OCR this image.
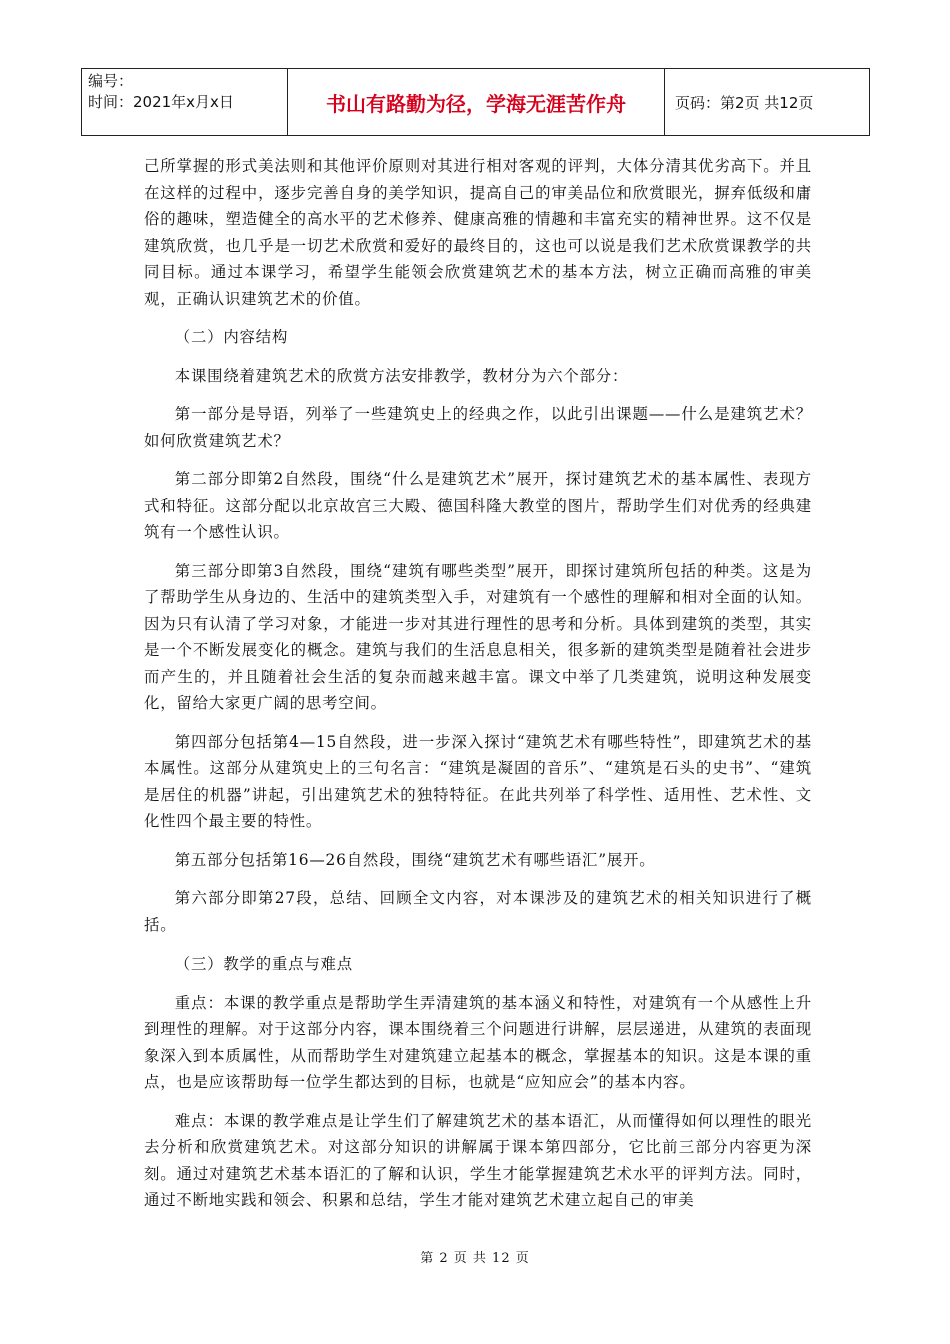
编号：
时间：2021年x月x日	书山有路勤为径，学海无涯苦作舟	页码：第2页 共12页

己所掌握的形式美法则和其他评价原则对其进行相对客观的评判，大体分清其优劣高下。并且在这样的过程中，逐步完善自身的美学知识，提高自己的审美品位和欣赏眼光，摒弃低级和庸俗的趣味，塑造健全的高水平的艺术修养、健康高雅的情趣和丰富充实的精神世界。这不仅是建筑欣赏，也几乎是一切艺术欣赏和爱好的最终目的，这也可以说是我们艺术欣赏课教学的共同目标。通过本课学习，希望学生能领会欣赏建筑艺术的基本方法，树立正确而高雅的审美观，正确认识建筑艺术的价值。

（二）内容结构

本课围绕着建筑艺术的欣赏方法安排教学，教材分为六个部分：

第一部分是导语，列举了一些建筑史上的经典之作，以此引出课题——什么是建筑艺术？如何欣赏建筑艺术？

第二部分即第2自然段，围绕“什么是建筑艺术”展开，探讨建筑艺术的基本属性、表现方式和特征。这部分配以北京故宫三大殿、德国科隆大教堂的图片，帮助学生们对优秀的经典建筑有一个感性认识。

第三部分即第3自然段，围绕“建筑有哪些类型”展开，即探讨建筑所包括的种类。这是为了帮助学生从身边的、生活中的建筑类型入手，对建筑有一个感性的理解和相对全面的认知。因为只有认清了学习对象，才能进一步对其进行理性的思考和分析。具体到建筑的类型，其实是一个不断发展变化的概念。建筑与我们的生活息息相关，很多新的建筑类型是随着社会进步而产生的，并且随着社会生活的复杂而越来越丰富。课文中举了几类建筑，说明这种发展变化，留给大家更广阔的思考空间。

第四部分包括第4—15自然段，进一步深入探讨“建筑艺术有哪些特性”，即建筑艺术的基本属性。这部分从建筑史上的三句名言：“建筑是凝固的音乐”、“建筑是石头的史书”、“建筑是居住的机器”讲起，引出建筑艺术的独特特征。在此共列举了科学性、适用性、艺术性、文化性四个最主要的特性。

第五部分包括第16—26自然段，围绕“建筑艺术有哪些语汇”展开。

第六部分即第27段，总结、回顾全文内容，对本课涉及的建筑艺术的相关知识进行了概括。

（三）教学的重点与难点

重点：本课的教学重点是帮助学生弄清建筑的基本涵义和特性，对建筑有一个从感性上升到理性的理解。对于这部分内容，课本围绕着三个问题进行讲解，层层递进，从建筑的表面现象深入到本质属性，从而帮助学生对建筑建立起基本的概念，掌握基本的知识。这是本课的重点，也是应该帮助每一位学生都达到的目标，也就是“应知应会”的基本内容。

难点：本课的教学难点是让学生们了解建筑艺术的基本语汇，从而懂得如何以理性的眼光去分析和欣赏建筑艺术。对这部分知识的讲解属于课本第四部分，它比前三部分内容更为深刻。通过对建筑艺术基本语汇的了解和认识，学生才能掌握建筑艺术水平的评判方法。同时，通过不断地实践和领会、积累和总结，学生才能对建筑艺术建立起自己的审美

第 2 页 共 12 页
